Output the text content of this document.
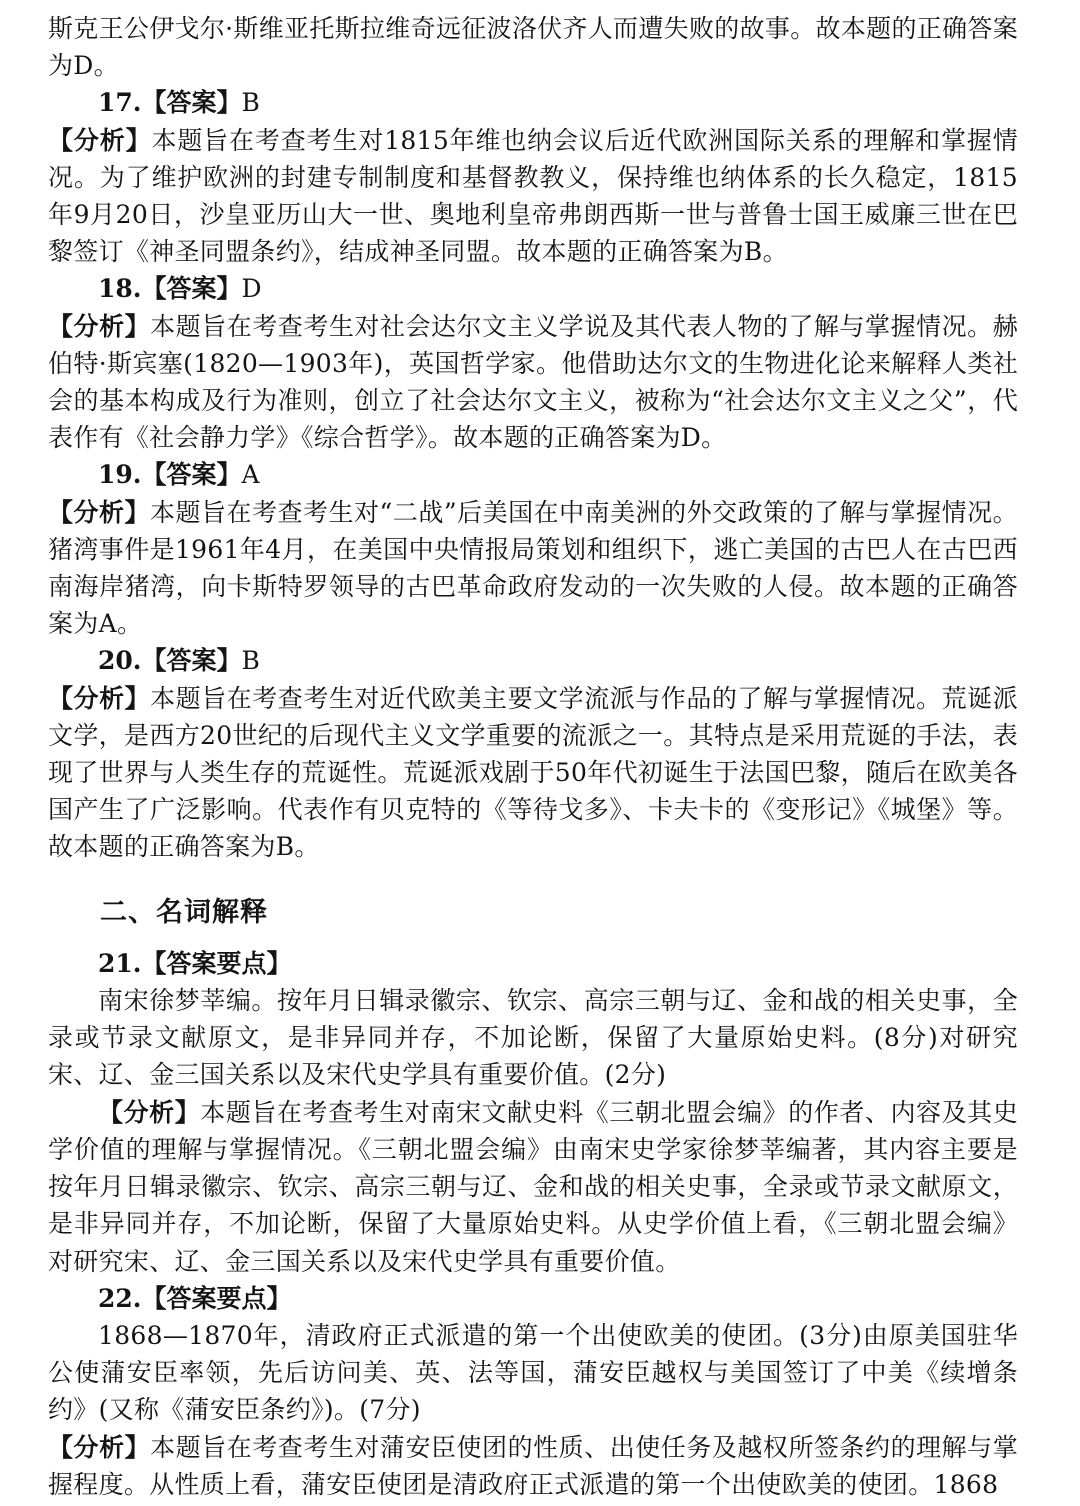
斯克王公伊戈尔·斯维亚托斯拉维奇远征波洛伏齐人而遭失败的故事。故本题的正确答案为D。

17.【答案】B

【分析】本题旨在考查考生对1815年维也纳会议后近代欧洲国际关系的理解和掌握情况。为了维护欧洲的封建专制制度和基督教教义，保持维也纳体系的长久稳定，1815年9月20日，沙皇亚历山大一世、奥地利皇帝弗朗西斯一世与普鲁士国王威廉三世在巴黎签订《神圣同盟条约》，结成神圣同盟。故本题的正确答案为B。

18.【答案】D

【分析】本题旨在考查考生对社会达尔文主义学说及其代表人物的了解与掌握情况。赫伯特·斯宾塞(1820—1903年)，英国哲学家。他借助达尔文的生物进化论来解释人类社会的基本构成及行为准则，创立了社会达尔文主义，被称为“社会达尔文主义之父”，代表作有《社会静力学》《综合哲学》。故本题的正确答案为D。

19.【答案】A

【分析】本题旨在考查考生对“二战”后美国在中南美洲的外交政策的了解与掌握情况。猪湾事件是1961年4月，在美国中央情报局策划和组织下，逃亡美国的古巴人在古巴西南海岸猪湾，向卡斯特罗领导的古巴革命政府发动的一次失败的人侵。故本题的正确答案为A。

20.【答案】B

【分析】本题旨在考查考生对近代欧美主要文学流派与作品的了解与掌握情况。荒诞派文学，是西方20世纪的后现代主义文学重要的流派之一。其特点是采用荒诞的手法，表现了世界与人类生存的荒诞性。荒诞派戏剧于50年代初诞生于法国巴黎，随后在欧美各国产生了广泛影响。代表作有贝克特的《等待戈多》、卡夫卡的《变形记》《城堡》等。故本题的正确答案为B。

二、名词解释

21.【答案要点】

南宋徐梦莘编。按年月日辑录徽宗、钦宗、高宗三朝与辽、金和战的相关史事，全录或节录文献原文，是非异同并存，不加论断，保留了大量原始史料。(8分)对研究宋、辽、金三国关系以及宋代史学具有重要价值。(2分)

【分析】本题旨在考查考生对南宋文献史料《三朝北盟会编》的作者、内容及其史学价值的理解与掌握情况。《三朝北盟会编》由南宋史学家徐梦莘编著，其内容主要是按年月日辑录徽宗、钦宗、高宗三朝与辽、金和战的相关史事，全录或节录文献原文，是非异同并存，不加论断，保留了大量原始史料。从史学价值上看，《三朝北盟会编》对研究宋、辽、金三国关系以及宋代史学具有重要价值。

22.【答案要点】

1868—1870年，清政府正式派遣的第一个出使欧美的使团。(3分)由原美国驻华公使蒲安臣率领，先后访问美、英、法等国，蒲安臣越权与美国签订了中美《续增条约》(又称《蒲安臣条约》)。(7分)

【分析】本题旨在考查考生对蒲安臣使团的性质、出使任务及越权所签条约的理解与掌握程度。从性质上看，蒲安臣使团是清政府正式派遣的第一个出使欧美的使团。1868
